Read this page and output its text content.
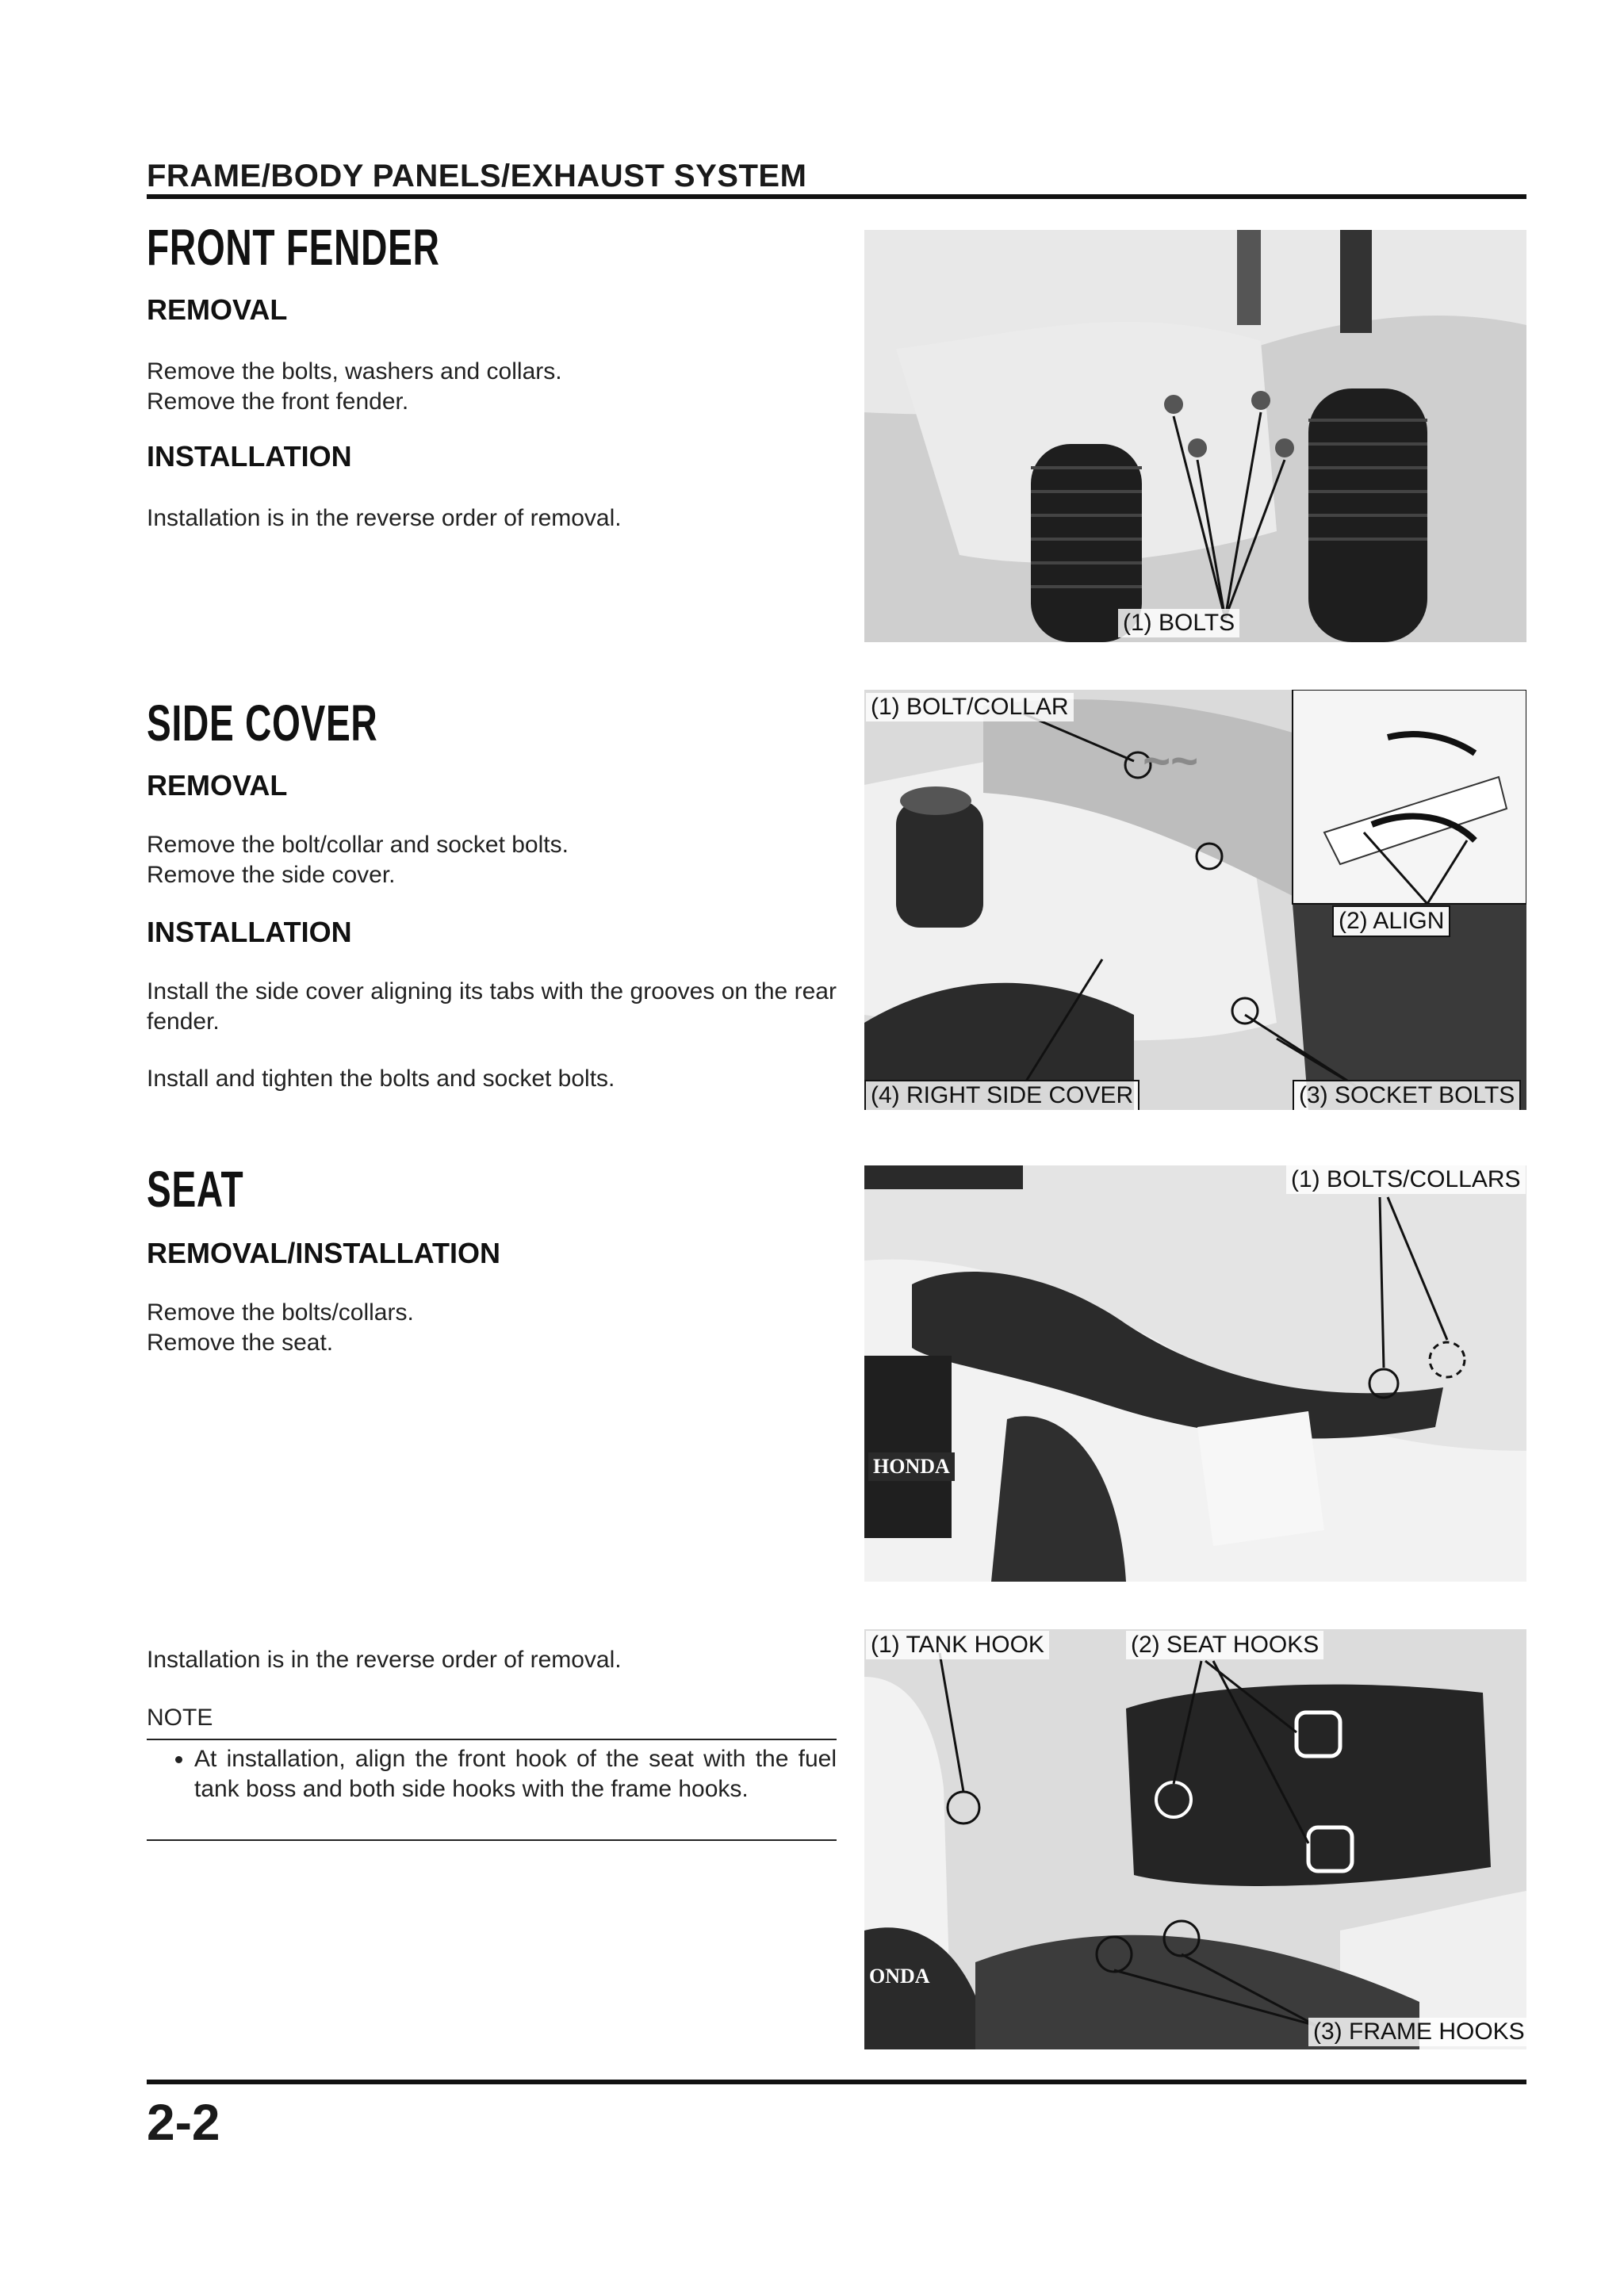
FRAME/BODY PANELS/EXHAUST SYSTEM
FRONT FENDER
REMOVAL

Remove the bolts, washers and collars.

Remove the front fender.

INSTALLATION

Installation is in the reverse order of removal.

(1) BOLTS
SIDE COVER
REMOVAL

Remove the bolt/collar and socket bolts.

Remove the side cover.

INSTALLATION

Install the side cover aligning its tabs with the grooves on the rear fender.

Install and tighten the bolts and socket bolts.

~~
(1) BOLT/COLLAR
(2) ALIGN
(4) RIGHT SIDE COVER	(3) SOCKET BOLTS
SEAT
REMOVAL/INSTALLATION

Remove the bolts/collars.

Remove the seat.

HONDA
(1) BOLTS/COLLARS

Installation is in the reverse order of removal.

NOTE
• At installation, align the front hook of the seat with the fuel tank boss and both side hooks with the frame hooks.
ONDA
(1) TANK HOOK	(2) SEAT HOOKS
(3) FRAME HOOKS
2-2
